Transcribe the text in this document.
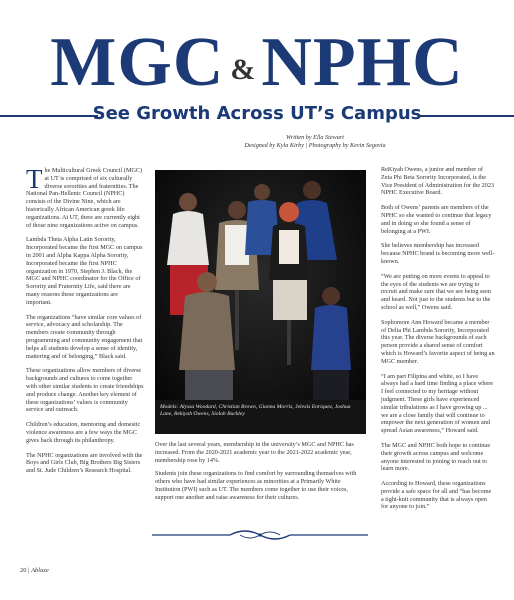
MGC & NPHC
See Growth Across UT’s Campus
Written by Ella Stewart
Designed by Kyla Kirby | Photography by Kevin Segovia

The Multicultural Greek Council (MGC) at UT is comprised of six culturally diverse sororities and fraternities. The National Pan-Hellenic Council (NPHC) consists of the Divine Nine, which are historically African American greek life organizations. At UT, there are currently eight of those nine organizations active on campus.

Lambda Theta Alpha Latin Sorority, Incorporated became the first MGC on campus in 2001 and Alpha Kappa Alpha Sorority, Incorporated became the first NPHC organization in 1970, Stephen J. Black, the MGC and NPHC coordinator for the Office of Sorority and Fraternity Life, said there are many reasons these organizations are important.

The organizations “have similar core values of service, advocacy and scholarship. The members create community through programming and community engagement that helps all students develop a sense of identity, mattering and of belonging,” Black said.

These organizations allow members of diverse backgrounds and cultures to come together with other similar students to create friendships and produce change. Another key element of these organizations’ values is community service and outreach.

Children’s education, mentoring and domestic violence awareness are a few ways the MGC gives back through its philanthropy.

The NPHC organizations are involved with the Boys and Girls Club, Big Brothers Big Sisters and St. Jude Children’s Research Hospital.

Models: Alyssa Woodard, Christian Brown, Gianna Morris, Jelexis Enriquez, Joshua Lane, Rekiyah Owens, Siolah Buckley

Over the last several years, membership in the university’s MGC and NPHC has increased. From the 2020-2021 academic year to the 2021-2022 academic year, membership rose by 14%.

Students join these organizations to find comfort by surrounding themselves with others who have had similar experiences as minorities at a Primarily White Institution (PWI) such as UT. The members come together to use their voices, support one another and raise awareness for their cultures.

ReKiyah Owens, a junior and member of Zeta Phi Beta Sorority Incorporated, is the Vice President of Administration for the 2023 NPHC Executive Board.

Both of Owens’ parents are members of the NPHC so she wanted to continue that legacy and in doing so she found a sense of belonging at a PWI.

She believes membership has increased because NPHC brand is becoming more well-known.

“We are putting on more events to appeal to the eyes of the students we are trying to recruit and make sure that we are being seen and heard. Not just to the students but to the school as well,” Owens said.

Sophomore Ann Howard became a member of Delta Phi Lambda Sorority, Incorporated this year. The diverse backgrounds of each person provide a shared sense of comfort which is Howard’s favorite aspect of being an MGC member.

“I am part Filipina and white, so I have always had a hard time finding a place where I feel connected to my heritage without judgment. These girls have experienced similar tribulations as I have growing up ... we are a close family that will continue to empower the next generation of women and spread Asian awareness,” Howard said.

The MGC and NPHC both hope to continue their growth across campus and welcome anyone interested in joining to reach out to learn more.

According to Howard, these organizations provide a safe space for all and “has become a tight-knit community that is always open for anyone to join.”

20 | Ablaze
